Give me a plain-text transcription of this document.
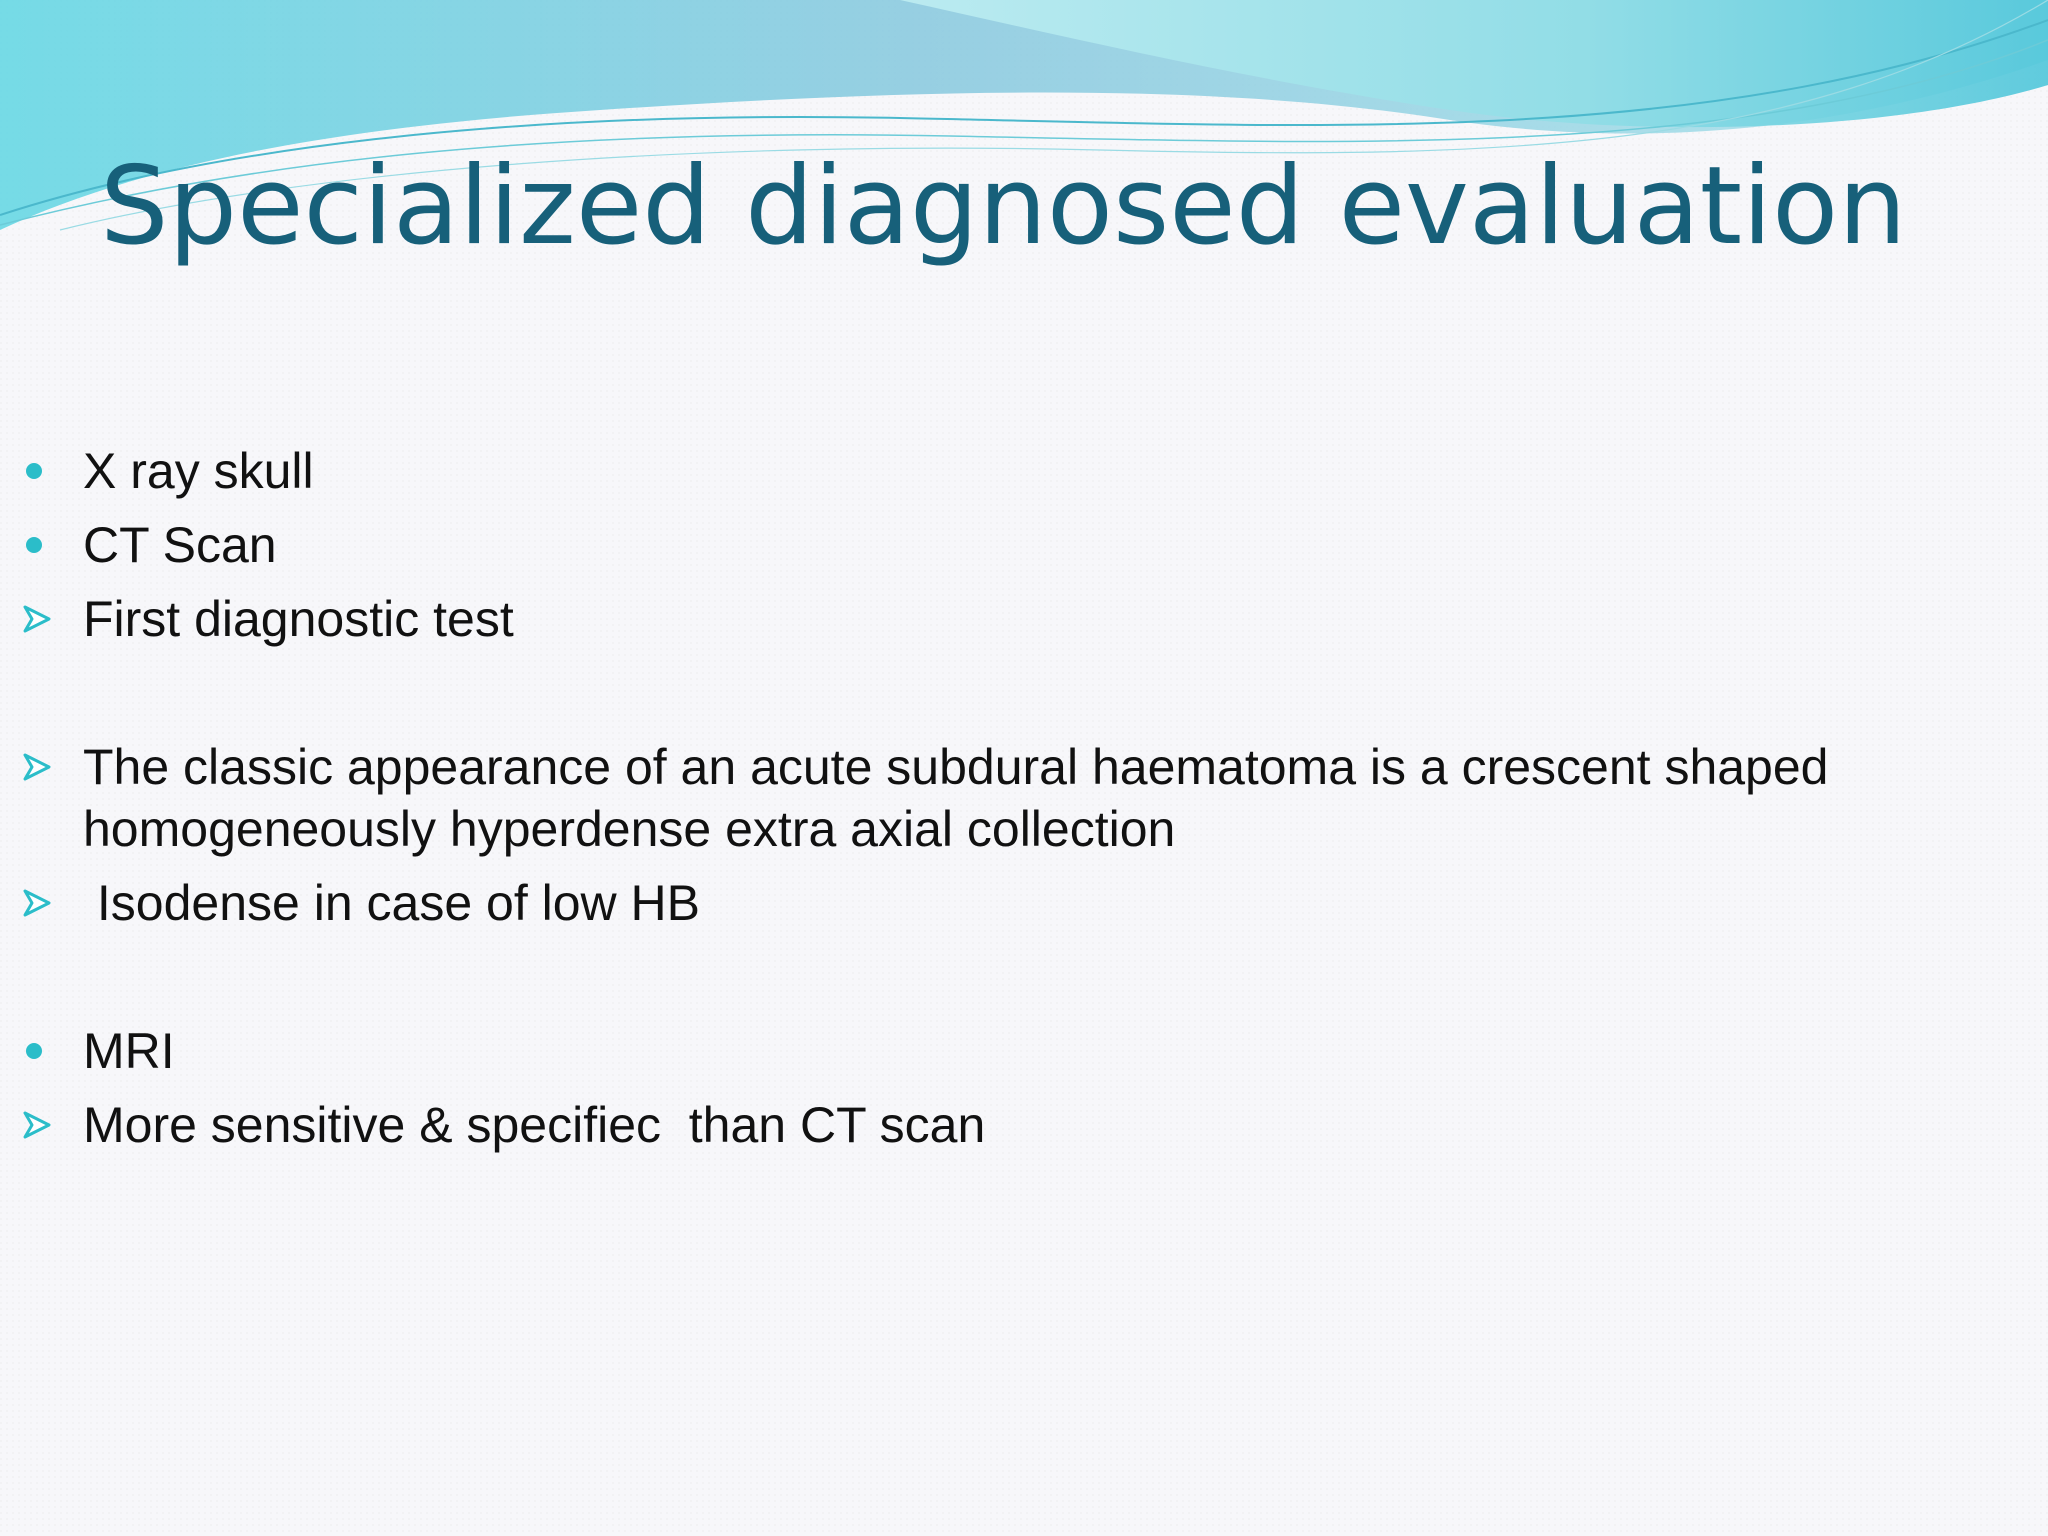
Specialized diagnosed evaluation
X ray skull
CT Scan
First diagnostic test
The classic appearance of an acute subdural haematoma is a crescent shaped homogeneously hyperdense extra axial collection
Isodense in case of low HB
MRI
More sensitive & specifiec  than CT scan
